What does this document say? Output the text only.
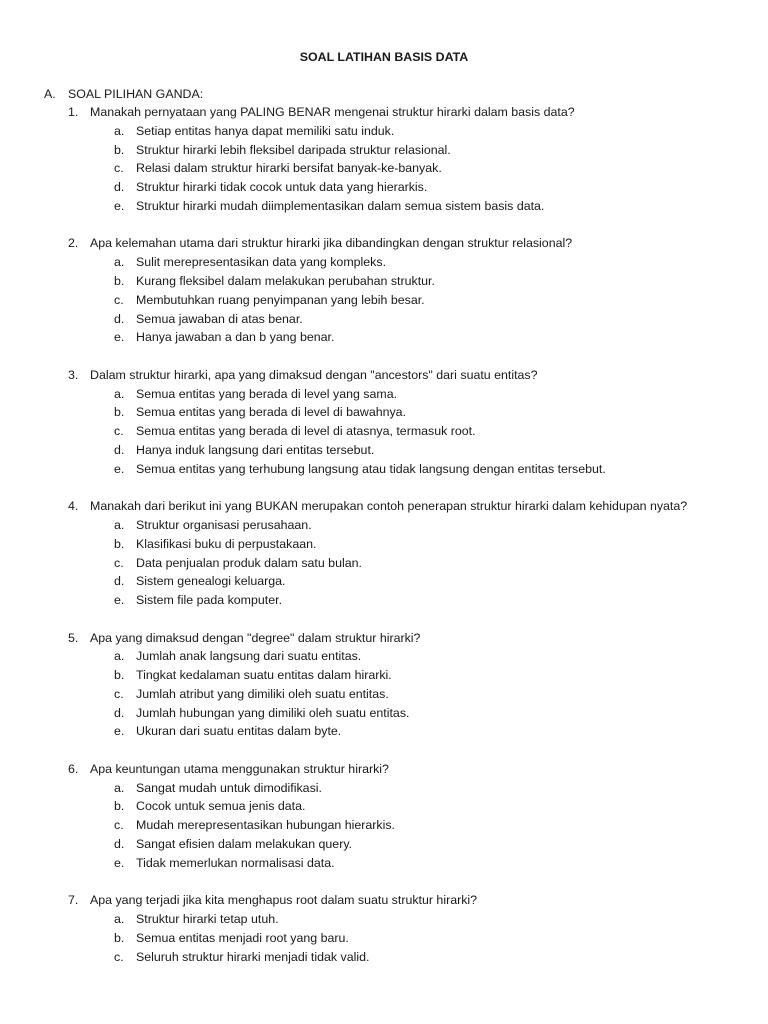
SOAL LATIHAN BASIS DATA
A. SOAL PILIHAN GANDA:
1. Manakah pernyataan yang PALING BENAR mengenai struktur hirarki dalam basis data?
a. Setiap entitas hanya dapat memiliki satu induk.
b. Struktur hirarki lebih fleksibel daripada struktur relasional.
c. Relasi dalam struktur hirarki bersifat banyak-ke-banyak.
d. Struktur hirarki tidak cocok untuk data yang hierarkis.
e. Struktur hirarki mudah diimplementasikan dalam semua sistem basis data.
2. Apa kelemahan utama dari struktur hirarki jika dibandingkan dengan struktur relasional?
a. Sulit merepresentasikan data yang kompleks.
b. Kurang fleksibel dalam melakukan perubahan struktur.
c. Membutuhkan ruang penyimpanan yang lebih besar.
d. Semua jawaban di atas benar.
e. Hanya jawaban a dan b yang benar.
3. Dalam struktur hirarki, apa yang dimaksud dengan "ancestors" dari suatu entitas?
a. Semua entitas yang berada di level yang sama.
b. Semua entitas yang berada di level di bawahnya.
c. Semua entitas yang berada di level di atasnya, termasuk root.
d. Hanya induk langsung dari entitas tersebut.
e. Semua entitas yang terhubung langsung atau tidak langsung dengan entitas tersebut.
4. Manakah dari berikut ini yang BUKAN merupakan contoh penerapan struktur hirarki dalam kehidupan nyata?
a. Struktur organisasi perusahaan.
b. Klasifikasi buku di perpustakaan.
c. Data penjualan produk dalam satu bulan.
d. Sistem genealogi keluarga.
e. Sistem file pada komputer.
5. Apa yang dimaksud dengan "degree" dalam struktur hirarki?
a. Jumlah anak langsung dari suatu entitas.
b. Tingkat kedalaman suatu entitas dalam hirarki.
c. Jumlah atribut yang dimiliki oleh suatu entitas.
d. Jumlah hubungan yang dimiliki oleh suatu entitas.
e. Ukuran dari suatu entitas dalam byte.
6. Apa keuntungan utama menggunakan struktur hirarki?
a. Sangat mudah untuk dimodifikasi.
b. Cocok untuk semua jenis data.
c. Mudah merepresentasikan hubungan hierarkis.
d. Sangat efisien dalam melakukan query.
e. Tidak memerlukan normalisasi data.
7. Apa yang terjadi jika kita menghapus root dalam suatu struktur hirarki?
a. Struktur hirarki tetap utuh.
b. Semua entitas menjadi root yang baru.
c. Seluruh struktur hirarki menjadi tidak valid.
